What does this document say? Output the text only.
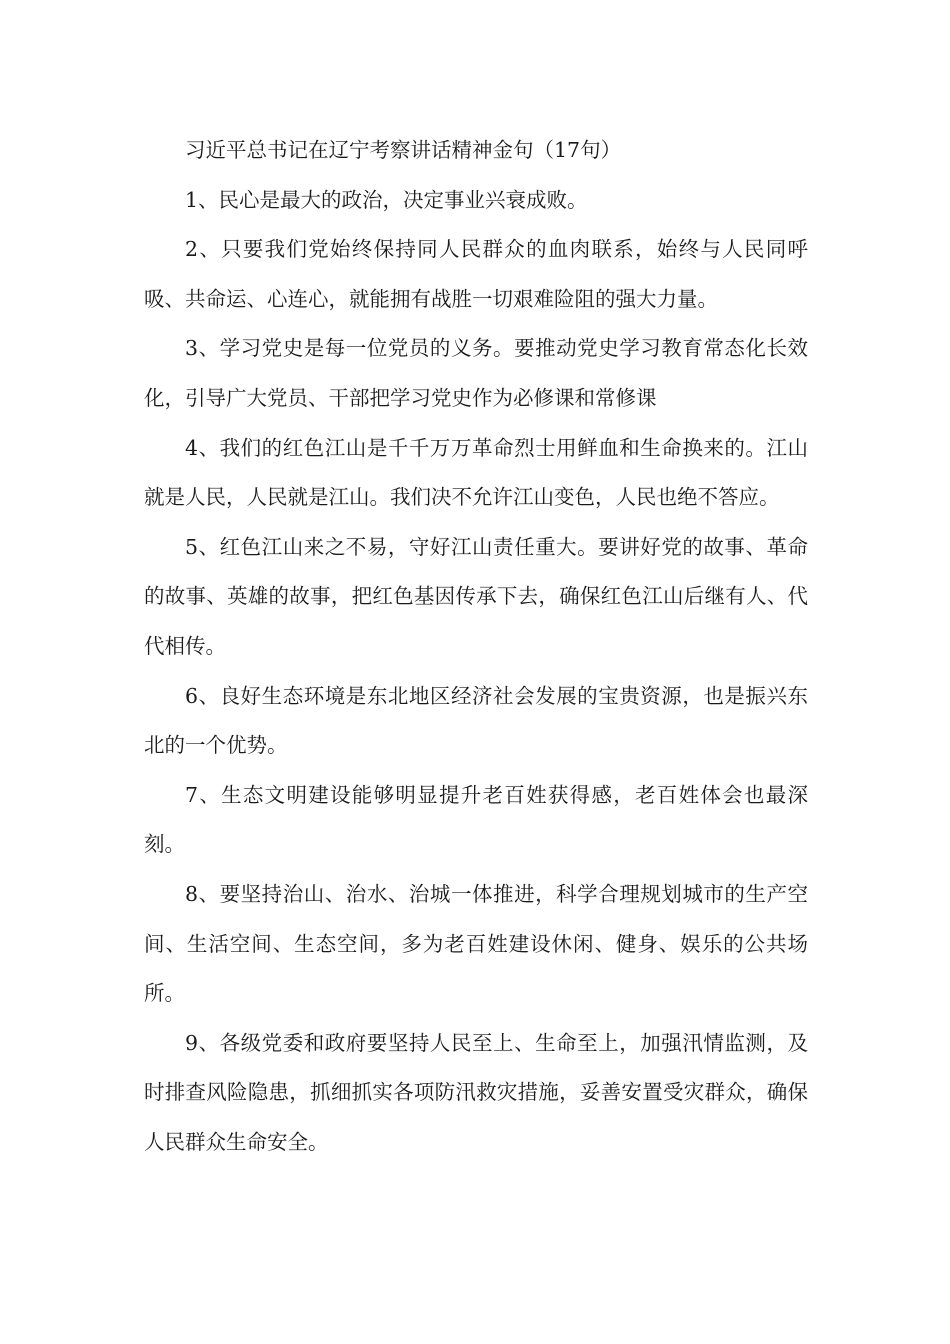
习近平总书记在辽宁考察讲话精神金句（17句）

1、民心是最大的政治，决定事业兴衰成败。

2、只要我们党始终保持同人民群众的血肉联系，始终与人民同呼吸、共命运、心连心，就能拥有战胜一切艰难险阻的强大力量。

3、学习党史是每一位党员的义务。要推动党史学习教育常态化长效化，引导广大党员、干部把学习党史作为必修课和常修课

4、我们的红色江山是千千万万革命烈士用鲜血和生命换来的。江山就是人民，人民就是江山。我们决不允许江山变色，人民也绝不答应。

5、红色江山来之不易，守好江山责任重大。要讲好党的故事、革命的故事、英雄的故事，把红色基因传承下去，确保红色江山后继有人、代代相传。

6、良好生态环境是东北地区经济社会发展的宝贵资源，也是振兴东北的一个优势。

7、生态文明建设能够明显提升老百姓获得感，老百姓体会也最深刻。

8、要坚持治山、治水、治城一体推进，科学合理规划城市的生产空间、生活空间、生态空间，多为老百姓建设休闲、健身、娱乐的公共场所。

9、各级党委和政府要坚持人民至上、生命至上，加强汛情监测，及时排查风险隐患，抓细抓实各项防汛救灾措施，妥善安置受灾群众，确保人民群众生命安全。
